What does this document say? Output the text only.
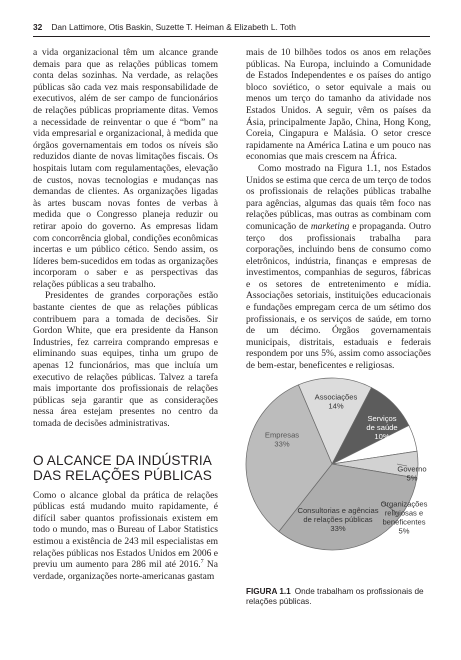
32 Dan Lattimore, Otis Baskin, Suzette T. Heiman & Elizabeth L. Toth

a vida organizacional têm um alcance grande demais para que as relações públicas tomem conta delas sozinhas. Na verdade, as relações públicas são cada vez mais responsabilidade de executivos, além de ser campo de funcionários de relações públicas propriamente ditas. Vemos a necessidade de reinventar o que é “bom” na vida empresarial e organizacional, à medida que órgãos governamentais em todos os níveis são reduzidos diante de novas limitações fiscais. Os hospitais lutam com regulamentações, elevação de custos, novas tecnologias e mudanças nas demandas de clientes. As organizações ligadas às artes buscam novas fontes de verbas à medida que o Congresso planeja reduzir ou retirar apoio do governo. As empresas lidam com concorrência global, condições econômicas incertas e um público cético. Sendo assim, os líderes bem-sucedidos em todas as organizações incorporam o saber e as perspectivas das relações públicas a seu trabalho.

Presidentes de grandes corporações estão bastante cientes de que as relações públicas contribuem para a tomada de decisões. Sir Gordon White, que era presidente da Hanson Industries, fez carreira comprando empresas e eliminando suas equipes, tinha um grupo de apenas 12 funcionários, mas que incluía um executivo de relações públicas. Talvez a tarefa mais importante dos profissionais de relações públicas seja garantir que as considerações nessa área estejam presentes no centro da tomada de decisões administrativas.

O ALCANCE DA INDÚSTRIA
DAS RELAÇÕES PÚBLICAS

Como o alcance global da prática de relações públicas está mudando muito rapidamente, é difícil saber quantos profissionais existem em todo o mundo, mas o Bureau of Labor Statistics estimou a existência de 243 mil especialistas em relações públicas nos Estados Unidos em 2006 e previu um aumento para 286 mil até 2016.$^7$ Na verdade, organizações norte-americanas gastam

mais de 10 bilhões todos os anos em relações públicas. Na Europa, incluindo a Comunidade de Estados Independentes e os países do antigo bloco soviético, o setor equivale a mais ou menos um terço do tamanho da atividade nos Estados Unidos. A seguir, vêm os países da Ásia, principalmente Japão, China, Hong Kong, Coreia, Cingapura e Malásia. O setor cresce rapidamente na América Latina e um pouco nas economias que mais crescem na África.

Como mostrado na Figura 1.1, nos Estados Unidos se estima que cerca de um terço de todos os profissionais de relações públicas trabalhe para agências, algumas das quais têm foco nas relações públicas, mas outras as combinam com comunicação de marketing e propaganda. Outro terço dos profissionais trabalha para corporações, incluindo bens de consumo como eletrônicos, indústria, finanças e empresas de investimentos, companhias de seguros, fábricas e os setores de entretenimento e mídia. Associações setoriais, instituições educacionais e fundações empregam cerca de um sétimo dos profissionais, e os serviços de saúde, em torno de um décimo. Órgãos governamentais municipais, distritais, estaduais e federais respondem por uns 5%, assim como associações de bem-estar, beneficentes e religiosas.

Associações 14%
Serviços de saúde 10%
Governo 5%
Organizações religiosas e beneficentes 5%
Consultorias e agências de relações públicas 33%
Empresas 33%
FIGURA 1.1 Onde trabalham os profissionais de relações públicas.
